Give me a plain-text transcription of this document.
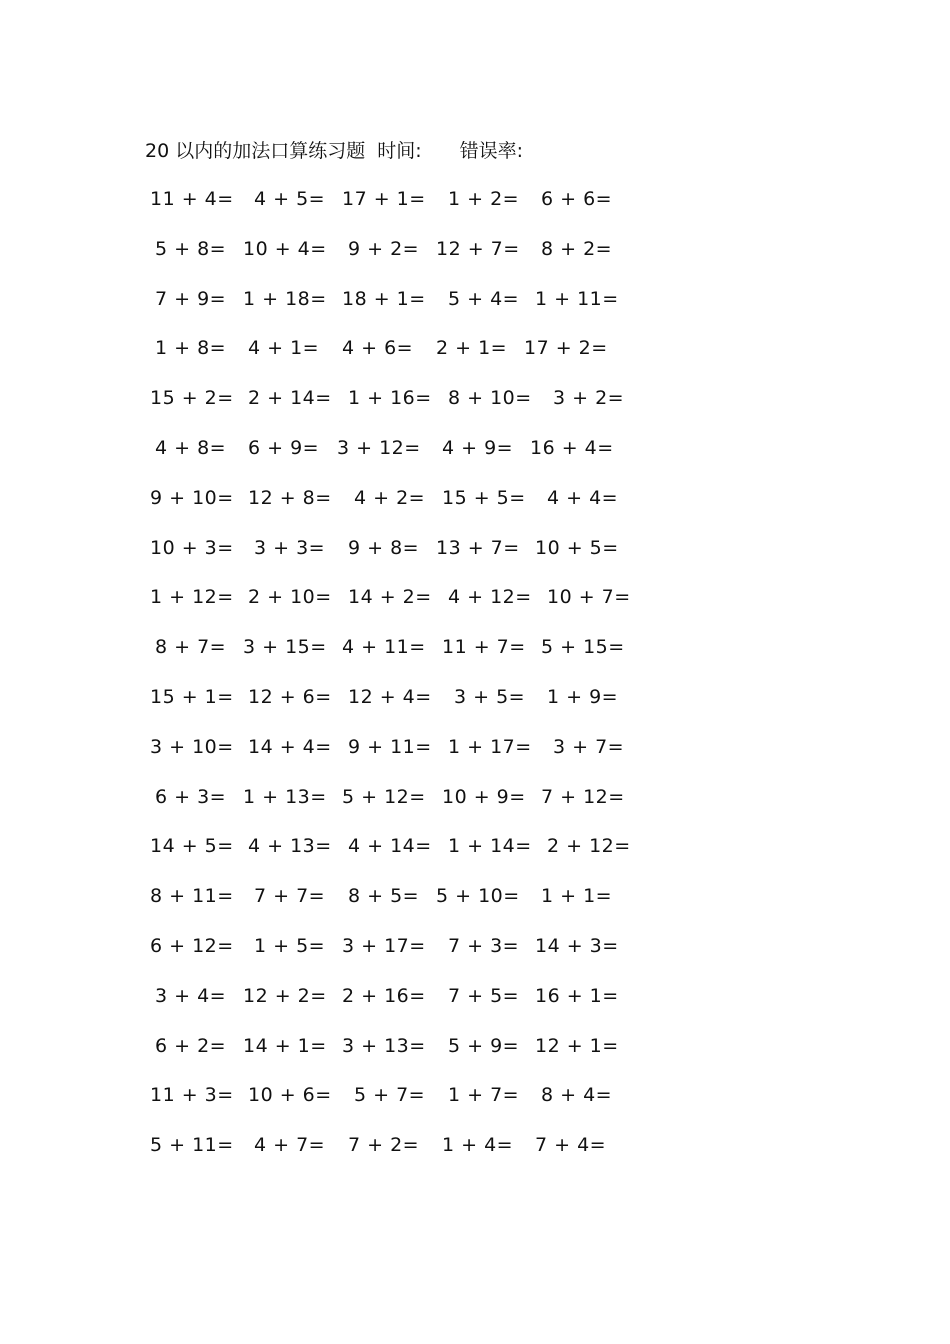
20 以内的加法口算练习题 时间: 错误率:
11 + 4= 4 + 5= 17 + 1= 1 + 2= 6 + 6=
5 + 8= 10 + 4= 9 + 2= 12 + 7= 8 + 2=
7 + 9= 1 + 18= 18 + 1= 5 + 4= 1 + 11=
1 + 8= 4 + 1= 4 + 6= 2 + 1= 17 + 2=
15 + 2= 2 + 14= 1 + 16= 8 + 10= 3 + 2=
4 + 8= 6 + 9= 3 + 12= 4 + 9= 16 + 4=
9 + 10= 12 + 8= 4 + 2= 15 + 5= 4 + 4=
10 + 3= 3 + 3= 9 + 8= 13 + 7= 10 + 5=
1 + 12= 2 + 10= 14 + 2= 4 + 12= 10 + 7=
8 + 7= 3 + 15= 4 + 11= 11 + 7= 5 + 15=
15 + 1= 12 + 6= 12 + 4= 3 + 5= 1 + 9=
3 + 10= 14 + 4= 9 + 11= 1 + 17= 3 + 7=
6 + 3= 1 + 13= 5 + 12= 10 + 9= 7 + 12=
14 + 5= 4 + 13= 4 + 14= 1 + 14= 2 + 12=
8 + 11= 7 + 7= 8 + 5= 5 + 10= 1 + 1=
6 + 12= 1 + 5= 3 + 17= 7 + 3= 14 + 3=
3 + 4= 12 + 2= 2 + 16= 7 + 5= 16 + 1=
6 + 2= 14 + 1= 3 + 13= 5 + 9= 12 + 1=
11 + 3= 10 + 6= 5 + 7= 1 + 7= 8 + 4=
5 + 11= 4 + 7= 7 + 2= 1 + 4= 7 + 4=
